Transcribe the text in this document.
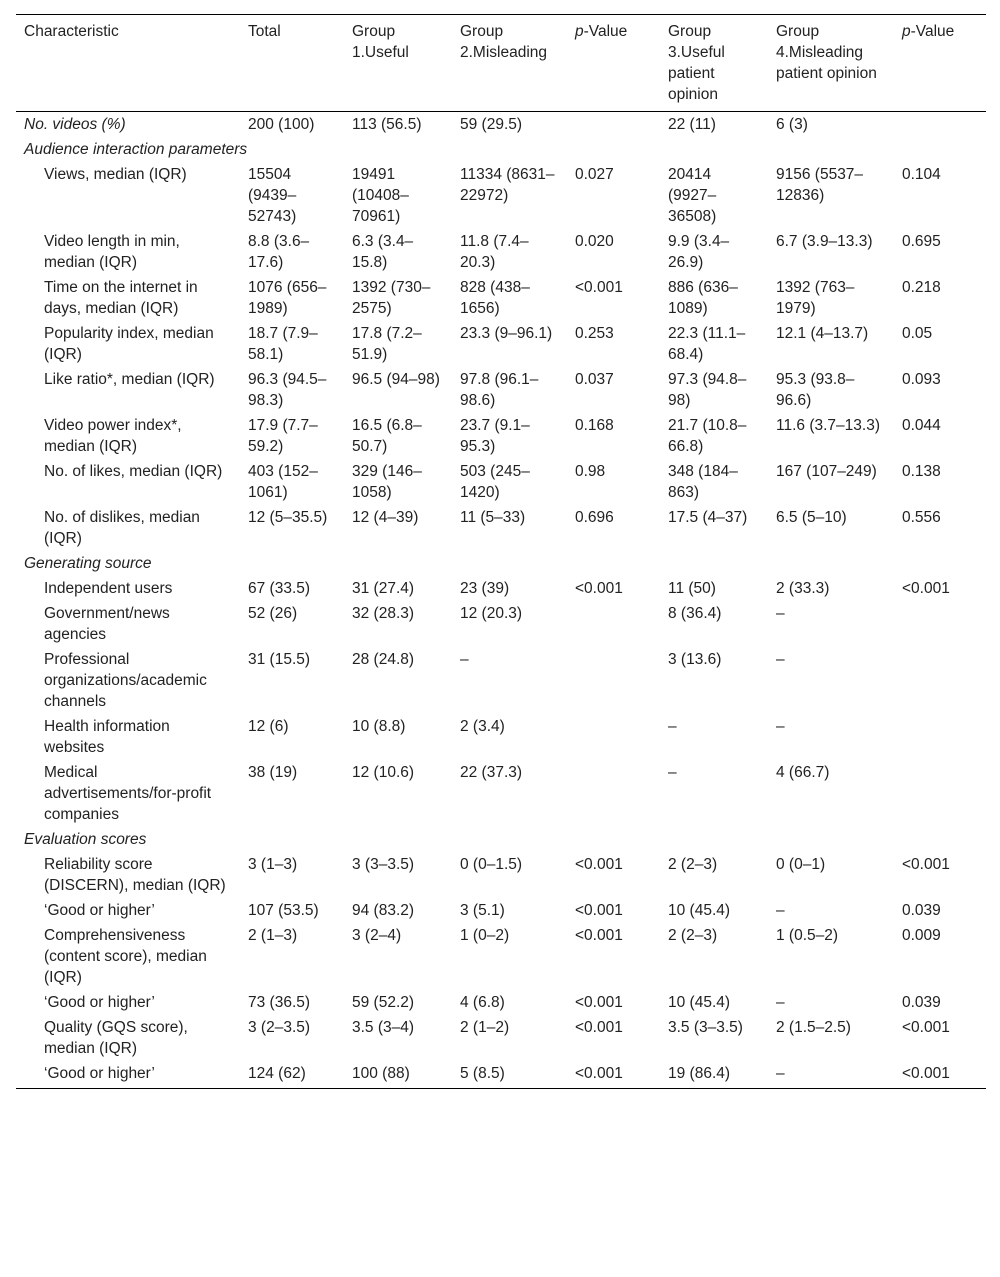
Characteristic	Total	Group 1.Useful	Group 2.Misleading	p-Value	Group 3.Useful patient opinion	Group 4.Misleading patient opinion	p-Value

No. videos (%)	200 (100)	113 (56.5)	59 (29.5)		22 (11)	6 (3)	
Audience interaction parameters							

Views, median (IQR)	15504 (9439–52743)	19491 (10408–70961)	11334 (8631–22972)	0.027	20414 (9927–36508)	9156 (5537–12836)	0.104

Video length in min, median (IQR)	8.8 (3.6–17.6)	6.3 (3.4–15.8)	11.8 (7.4–20.3)	0.020	9.9 (3.4–26.9)	6.7 (3.9–13.3)	0.695

Time on the internet in days, median (IQR)	1076 (656–1989)	1392 (730–2575)	828 (438–1656)	<0.001	886 (636–1089)	1392 (763–1979)	0.218

Popularity index, median (IQR)	18.7 (7.9–58.1)	17.8 (7.2–51.9)	23.3 (9–96.1)	0.253	22.3 (11.1–68.4)	12.1 (4–13.7)	0.05

Like ratio*, median (IQR)	96.3 (94.5–98.3)	96.5 (94–98)	97.8 (96.1–98.6)	0.037	97.3 (94.8–98)	95.3 (93.8–96.6)	0.093

Video power index*, median (IQR)	17.9 (7.7–59.2)	16.5 (6.8–50.7)	23.7 (9.1–95.3)	0.168	21.7 (10.8–66.8)	11.6 (3.7–13.3)	0.044

No. of likes, median (IQR)	403 (152–1061)	329 (146–1058)	503 (245–1420)	0.98	348 (184–863)	167 (107–249)	0.138

No. of dislikes, median (IQR)	12 (5–35.5)	12 (4–39)	11 (5–33)	0.696	17.5 (4–37)	6.5 (5–10)	0.556
Generating source							

Independent users	67 (33.5)	31 (27.4)	23 (39)	<0.001	11 (50)	2 (33.3)	<0.001

Government/news agencies	52 (26)	32 (28.3)	12 (20.3)		8 (36.4)	–	

Professional organizations/academic channels	31 (15.5)	28 (24.8)	–		3 (13.6)	–	

Health information websites	12 (6)	10 (8.8)	2 (3.4)		–	–	

Medical advertisements/for-profit companies	38 (19)	12 (10.6)	22 (37.3)		–	4 (66.7)	
Evaluation scores							

Reliability score (DISCERN), median (IQR)	3 (1–3)	3 (3–3.5)	0 (0–1.5)	<0.001	2 (2–3)	0 (0–1)	<0.001

‘Good or higher’	107 (53.5)	94 (83.2)	3 (5.1)	<0.001	10 (45.4)	–	0.039

Comprehensiveness (content score), median (IQR)	2 (1–3)	3 (2–4)	1 (0–2)	<0.001	2 (2–3)	1 (0.5–2)	0.009

‘Good or higher’	73 (36.5)	59 (52.2)	4 (6.8)	<0.001	10 (45.4)	–	0.039

Quality (GQS score), median (IQR)	3 (2–3.5)	3.5 (3–4)	2 (1–2)	<0.001	3.5 (3–3.5)	2 (1.5–2.5)	<0.001

‘Good or higher’	124 (62)	100 (88)	5 (8.5)	<0.001	19 (86.4)	–	<0.001
